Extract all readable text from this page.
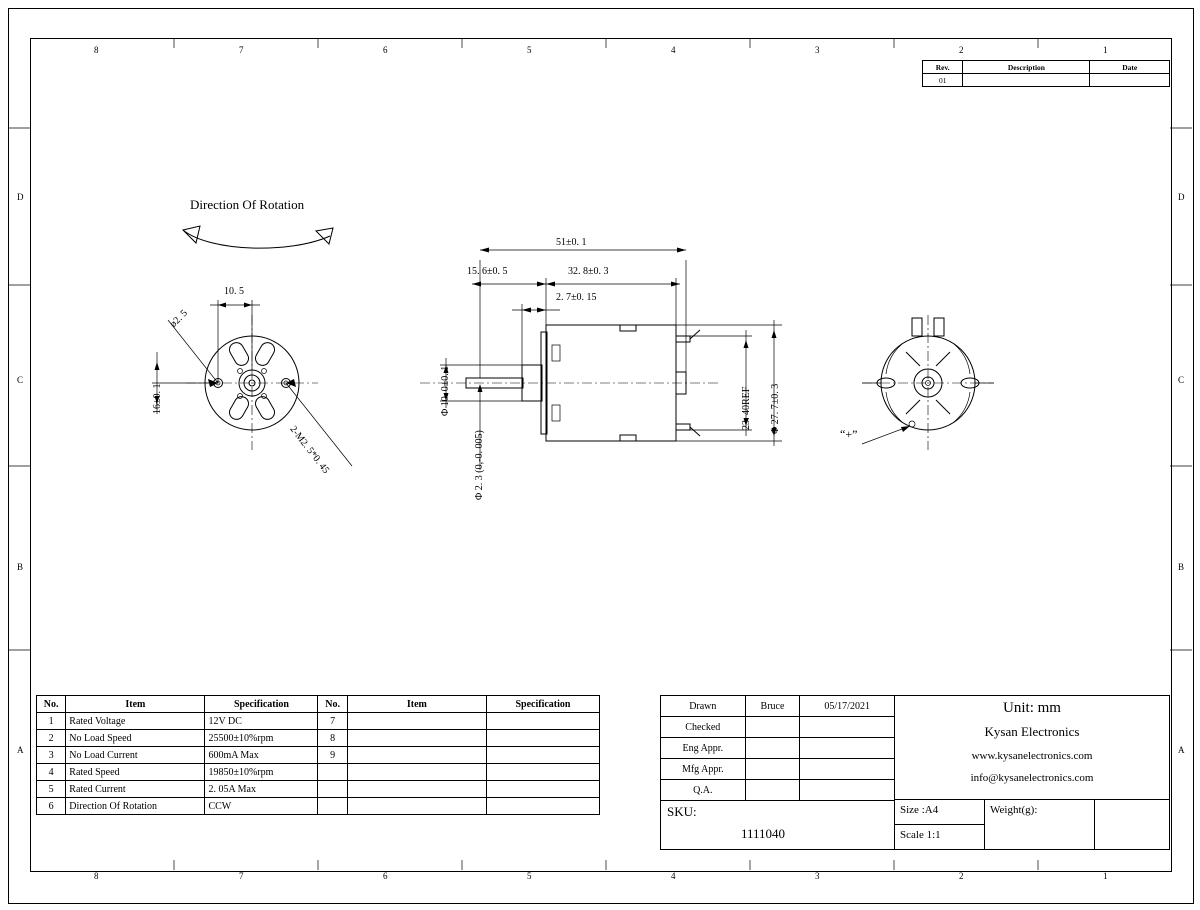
8	7	6	5	4	3	2	1
8	7	6	5	4	3	2	1
D
C
B
A
D
C
B
A
Rev.	Description	Date
01		
Direction Of Rotation
10. 5
ø2. 5
16±0. 1
2-M2. 5*0. 45
51±0. 1
15. 6±0. 5	32. 8±0. 3
2. 7±0. 15
Φ 10. 0±0. 1
Φ 2. 3 (0,-0. 005)
23. 40REF Φ 27. 7±0. 3	“+”
No.	Item	Specification	No.	Item	Specification
1	Rated Voltage	12V DC	7		
2	No Load Speed	25500±10%rpm	8		
3	No Load Current	600mA Max	9		
4	Rated Speed	19850±10%rpm			
5	Rated Current	2. 05A Max			
6	Direction Of Rotation	CCW			
Drawn	Bruce	05/17/2021
Checked		
Eng Appr.		
Mfg Appr.		
Q.A.		
Unit: mm
Kysan Electronics
www.kysanelectronics.com
info@kysanelectronics.com
SKU:
1111040
Size :A4
Scale 1:1
Weight(g):
